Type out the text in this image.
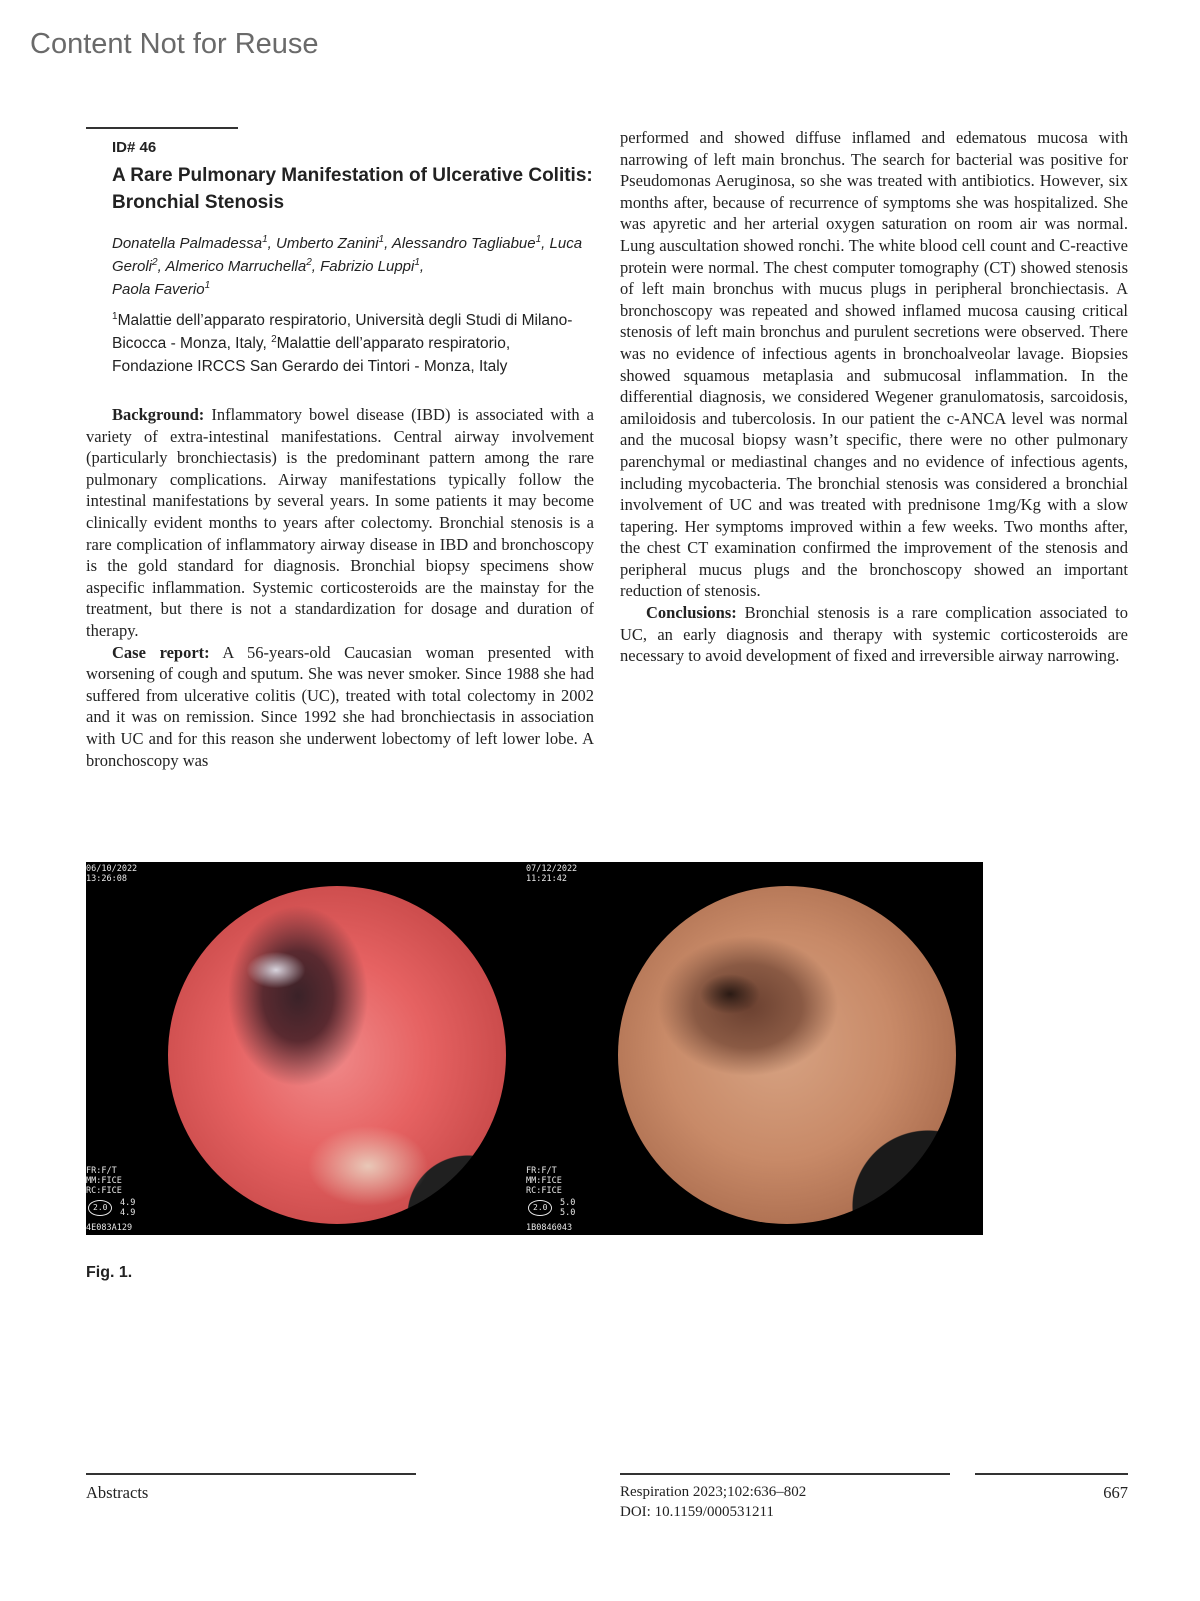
Content Not for Reuse
ID# 46
A Rare Pulmonary Manifestation of Ulcerative Colitis: Bronchial Stenosis
Donatella Palmadessa$^1$, Umberto Zanini$^1$, Alessandro Tagliabue$^1$, Luca Geroli$^2$, Almerico Marruchella$^2$, Fabrizio Luppi$^1$,
Paola Faverio$^1$
$^1$Malattie dell’apparato respiratorio, Università degli Studi di Milano-Bicocca - Monza, Italy, $^2$Malattie dell’apparato respiratorio, Fondazione IRCCS San Gerardo dei Tintori - Monza, Italy

Background: Inflammatory bowel disease (IBD) is associated with a variety of extra-intestinal manifestations. Central airway involvement (particularly bronchiectasis) is the predominant pattern among the rare pulmonary complications. Airway manifestations typically follow the intestinal manifestations by several years. In some patients it may become clinically evident months to years after colectomy. Bronchial stenosis is a rare complication of inflammatory airway disease in IBD and bronchoscopy is the gold standard for diagnosis. Bronchial biopsy specimens show aspecific inflammation. Systemic corticosteroids are the mainstay for the treatment, but there is not a standardization for dosage and duration of therapy.

Case report: A 56-years-old Caucasian woman presented with worsening of cough and sputum. She was never smoker. Since 1988 she had suffered from ulcerative colitis (UC), treated with total colectomy in 2002 and it was on remission. Since 1992 she had bronchiectasis in association with UC and for this reason she underwent lobectomy of left lower lobe. A bronchoscopy was

performed and showed diffuse inflamed and edematous mucosa with narrowing of left main bronchus. The search for bacterial was positive for Pseudomonas Aeruginosa, so she was treated with antibiotics. However, six months after, because of recurrence of symptoms she was hospitalized. She was apyretic and her arterial oxygen saturation on room air was normal. Lung auscultation showed ronchi. The white blood cell count and C-reactive protein were normal. The chest computer tomography (CT) showed stenosis of left main bronchus with mucus plugs in peripheral bronchiectasis. A bronchoscopy was repeated and showed inflamed mucosa causing critical stenosis of left main bronchus and purulent secretions were observed. There was no evidence of infectious agents in bronchoalveolar lavage. Biopsies showed squamous metaplasia and submucosal inflammation. In the differential diagnosis, we considered Wegener granulomatosis, sarcoidosis, amiloidosis and tubercolosis. In our patient the c-ANCA level was normal and the mucosal biopsy wasn’t specific, there were no other pulmonary parenchymal or mediastinal changes and no evidence of infectious agents, including mycobacteria. The bronchial stenosis was considered a bronchial involvement of UC and was treated with prednisone 1mg/Kg with a slow tapering. Her symptoms improved within a few weeks. Two months after, the chest CT examination confirmed the improvement of the stenosis and peripheral mucus plugs and the bronchoscopy showed an important reduction of stenosis.

Conclusions: Bronchial stenosis is a rare complication associated to UC, an early diagnosis and therapy with systemic corticosteroids are necessary to avoid development of fixed and irreversible airway narrowing.

06/10/2022
13:26:08
FR:F/T
MM:FICE
RC:FICE
2.0	4.9
4.9
4E083A129
07/12/2022
11:21:42
FR:F/T
MM:FICE
RC:FICE
2.0	5.0
5.0
1B0846043
Fig. 1.
Abstracts	Respiration 2023;102:636–802
DOI: 10.1159/000531211
667
